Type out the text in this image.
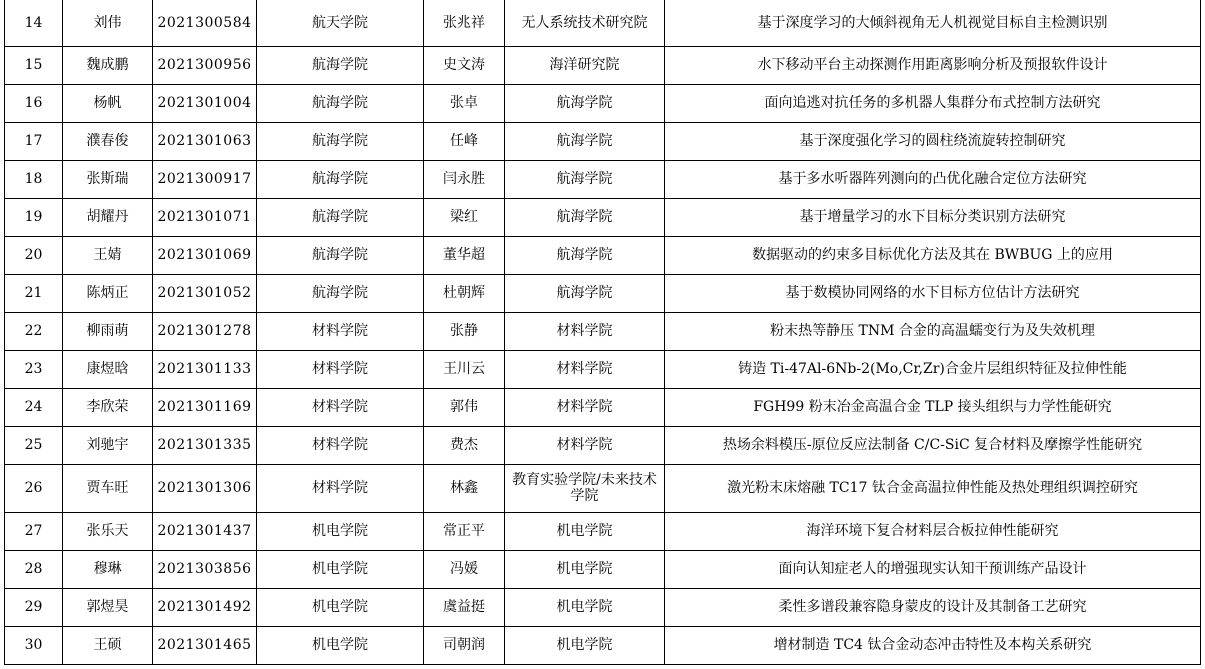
14	刘伟	2021300584	航天学院	张兆祥	无人系统技术研究院	基于深度学习的大倾斜视角无人机视觉目标自主检测识别
15	魏成鹏	2021300956	航海学院	史文涛	海洋研究院	水下移动平台主动探测作用距离影响分析及预报软件设计
16	杨帆	2021301004	航海学院	张卓	航海学院	面向追逃对抗任务的多机器人集群分布式控制方法研究
17	濮春俊	2021301063	航海学院	任峰	航海学院	基于深度强化学习的圆柱绕流旋转控制研究
18	张斯瑞	2021300917	航海学院	闫永胜	航海学院	基于多水听器阵列测向的凸优化融合定位方法研究
19	胡耀丹	2021301071	航海学院	梁红	航海学院	基于增量学习的水下目标分类识别方法研究
20	王婧	2021301069	航海学院	董华超	航海学院	数据驱动的约束多目标优化方法及其在 BWBUG 上的应用
21	陈炳正	2021301052	航海学院	杜朝辉	航海学院	基于数模协同网络的水下目标方位估计方法研究
22	柳雨萌	2021301278	材料学院	张静	材料学院	粉末热等静压 TNM 合金的高温蠕变行为及失效机理
23	康煜晗	2021301133	材料学院	王川云	材料学院	铸造 Ti-47Al-6Nb-2(Mo,Cr,Zr)合金片层组织特征及拉伸性能
24	李欣荣	2021301169	材料学院	郭伟	材料学院	FGH99 粉末冶金高温合金 TLP 接头组织与力学性能研究
25	刘驰宇	2021301335	材料学院	费杰	材料学院	热场余料模压-原位反应法制备 C/C-SiC 复合材料及摩擦学性能研究
26	贾车旺	2021301306	材料学院	林鑫	教育实验学院/未来技术学院	激光粉末床熔融 TC17 钛合金高温拉伸性能及热处理组织调控研究
27	张乐天	2021301437	机电学院	常正平	机电学院	海洋环境下复合材料层合板拉伸性能研究
28	穆琳	2021303856	机电学院	冯媛	机电学院	面向认知症老人的增强现实认知干预训练产品设计
29	郭煜昊	2021301492	机电学院	虞益挺	机电学院	柔性多谱段兼容隐身蒙皮的设计及其制备工艺研究
30	王硕	2021301465	机电学院	司朝润	机电学院	增材制造 TC4 钛合金动态冲击特性及本构关系研究
